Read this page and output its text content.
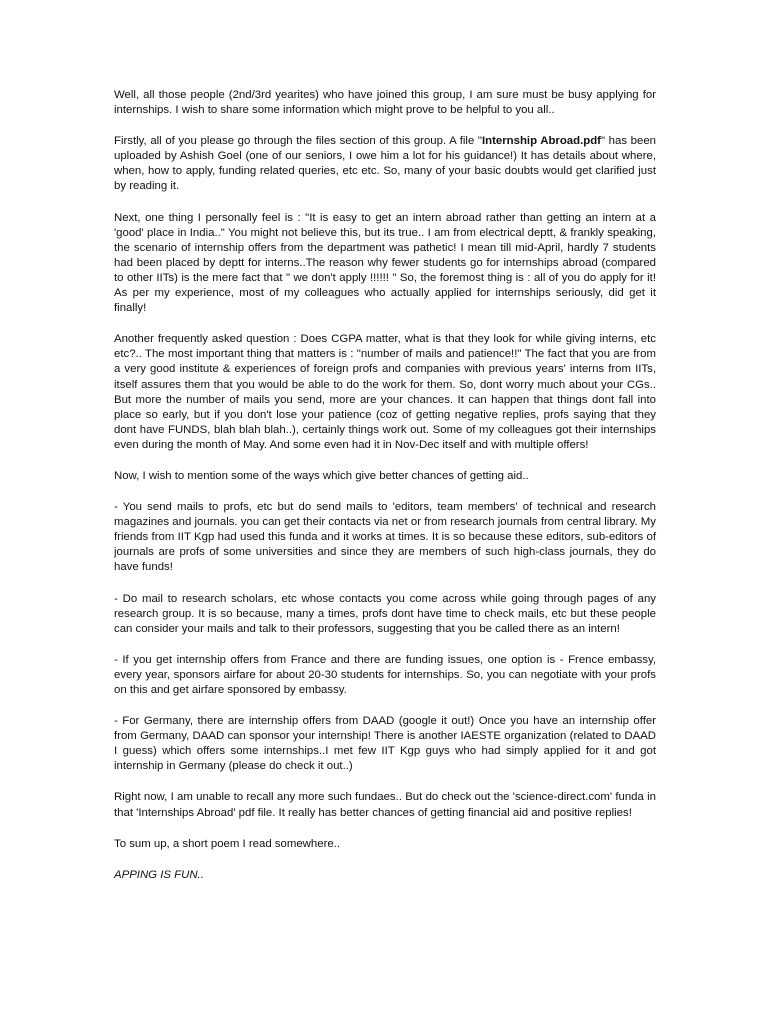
Well, all those people (2nd/3rd yearites) who have joined this group, I am sure must be busy applying for internships. I wish to share some information which might prove to be helpful to you all..

Firstly, all of you please go through the files section of this group. A file "Internship Abroad.pdf" has been uploaded by Ashish Goel (one of our seniors, I owe him a lot for his guidance!) It has details about where, when, how to apply, funding related queries, etc etc. So, many of your basic doubts would get clarified just by reading it.

Next, one thing I personally feel is : "It is easy to get an intern abroad rather than getting an intern at a 'good' place in India.." You might not believe this, but its true.. I am from electrical deptt, & frankly speaking, the scenario of internship offers from the department was pathetic! I mean till mid-April, hardly 7 students had been placed by deptt for interns..The reason why fewer students go for internships abroad (compared to other IITs) is the mere fact that " we don't apply !!!!!! " So, the foremost thing is : all of you do apply for it! As per my experience, most of my colleagues who actually applied for internships seriously, did get it finally!

Another frequently asked question : Does CGPA matter, what is that they look for while giving interns, etc etc?.. The most important thing that matters is : "number of mails and patience!!" The fact that you are from a very good institute & experiences of foreign profs and companies with previous years' interns from IITs, itself assures them that you would be able to do the work for them. So, dont worry much about your CGs.. But more the number of mails you send, more are your chances. It can happen that things dont fall into place so early, but if you don't lose your patience (coz of getting negative replies, profs saying that they dont have FUNDS, blah blah blah..), certainly things work out. Some of my colleagues got their internships even during the month of May. And some even had it in Nov-Dec itself and with multiple offers!

Now, I wish to mention some of the ways which give better chances of getting aid..

- You send mails to profs, etc but do send mails to 'editors, team members' of technical and research magazines and journals. you can get their contacts via net or from research journals from central library. My friends from IIT Kgp had used this funda and it works at times. It is so because these editors, sub-editors of journals are profs of some universities and since they are members of such high-class journals, they do have funds!

- Do mail to research scholars, etc whose contacts you come across while going through pages of any research group. It is so because, many a times, profs dont have time to check mails, etc but these people can consider your mails and talk to their professors, suggesting that you be called there as an intern!

- If you get internship offers from France and there are funding issues, one option is - Frence embassy, every year, sponsors airfare for about 20-30 students for internships. So, you can negotiate with your profs on this and get airfare sponsored by embassy.

- For Germany, there are internship offers from DAAD (google it out!) Once you have an internship offer from Germany, DAAD can sponsor your internship! There is another IAESTE organization (related to DAAD I guess) which offers some internships..I met few IIT Kgp guys who had simply applied for it and got internship in Germany (please do check it out..)

Right now, I am unable to recall any more such fundaes.. But do check out the 'science-direct.com' funda in that 'Internships Abroad' pdf file. It really has better chances of getting financial aid and positive replies!

To sum up, a short poem I read somewhere..

APPING IS FUN..
